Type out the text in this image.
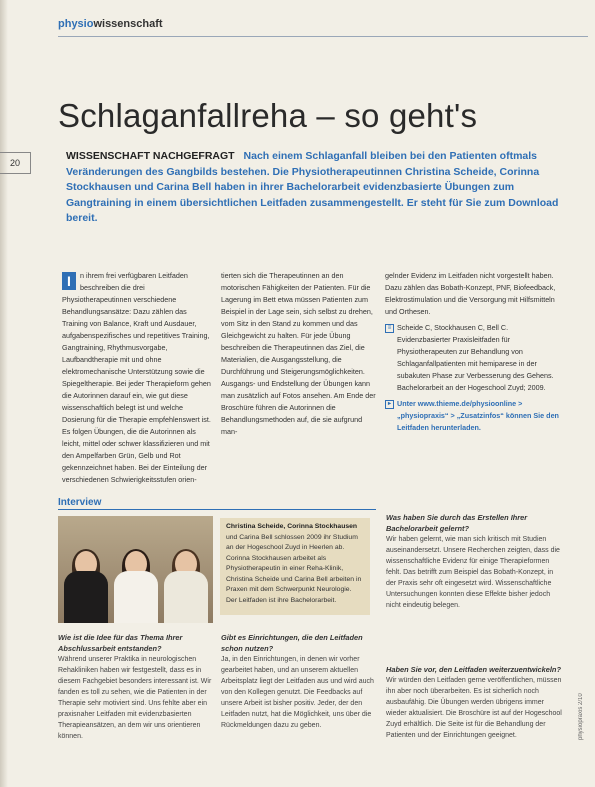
physiowissenschaft
20
Schlaganfallreha – so geht's
WISSENSCHAFT NACHGEFRAGT Nach einem Schlaganfall bleiben bei den Patienten oftmals Veränderungen des Gangbilds bestehen. Die Physiotherapeutinnen Christina Scheide, Corinna Stockhausen und Carina Bell haben in ihrer Bachelorarbeit evidenzbasierte Übungen zum Gangtraining in einem übersichtlichen Leitfaden zusammengestellt. Er steht für Sie zum Download bereit.
I	n ihrem frei verfügbaren Leitfaden beschreiben die drei Physiotherapeutinnen verschiedene Behandlungsansätze: Dazu zählen das Training von Balance, Kraft und Ausdauer, aufgabenspezifisches und repetitives Training, Gangtraining, Rhythmusvorgabe, Laufbandtherapie mit und ohne elektromechanische Unterstützung sowie die Spiegeltherapie. Bei jeder Therapieform gehen die Autorinnen darauf ein, wie gut diese wissenschaftlich belegt ist und welche Dosierung für die Therapie empfehlenswert ist. Es folgen Übungen, die die Autorinnen als leicht, mittel oder schwer klassifizieren und mit den Ampelfarben Grün, Gelb und Rot gekennzeichnet haben. Bei der Einteilung der verschiedenen Schwierigkeitsstufen orien-
tierten sich die Therapeutinnen an den motorischen Fähigkeiten der Patienten. Für die Lagerung im Bett etwa müssen Patienten zum Beispiel in der Lage sein, sich selbst zu drehen, vom Sitz in den Stand zu kommen und das Gleichgewicht zu halten. Für jede Übung beschreiben die Therapeutinnen das Ziel, die Materialien, die Ausgangsstellung, die Durchführung und Steigerungsmöglichkeiten. Ausgangs- und Endstellung der Übungen kann man zusätzlich auf Fotos ansehen. Am Ende der Broschüre führen die Autorinnen die Behandlungsmethoden auf, die sie aufgrund man-
gelnder Evidenz im Leitfaden nicht vorgestellt haben. Dazu zählen das Bobath-Konzept, PNF, Biofeedback, Elektrostimulation und die Versorgung mit Hilfsmitteln und Orthesen.
≡ Scheide C, Stockhausen C, Bell C. Evidenzbasierter Praxisleitfaden für Physiotherapeuten zur Behandlung von Schlaganfallpatienten mit hemiparese in der subakuten Phase zur Verbesserung des Gehens. Bachelorarbeit an der Hogeschool Zuyd; 2009.
▸ Unter www.thieme.de/physioonline > „physiopraxis“ > „Zusatzinfos“ können Sie den Leitfaden herunterladen.
Interview
Christina Scheide, Corinna Stockhausen und Carina Bell schlossen 2009 ihr Studium an der Hogeschool Zuyd in Heerlen ab. Corinna Stockhausen arbeitet als Physiotherapeutin in einer Reha-Klinik, Christina Scheide und Carina Bell arbeiten in Praxen mit dem Schwerpunkt Neurologie. Der Leitfaden ist ihre Bachelorarbeit.
Wie ist die Idee für das Thema Ihrer Abschlussarbeit entstanden?
Während unserer Praktika in neurologischen Rehakliniken haben wir festgestellt, dass es in diesem Fachgebiet besonders interessant ist. Wir fanden es toll zu sehen, wie die Patienten in der Therapie sehr motiviert sind. Uns fehlte aber ein praxisnaher Leitfaden mit evidenzbasierten Therapieansätzen, an dem wir uns orientieren können.
Gibt es Einrichtungen, die den Leitfaden schon nutzen?
Ja, in den Einrichtungen, in denen wir vorher gearbeitet haben, und an unserem aktuellen Arbeitsplatz liegt der Leitfaden aus und wird auch von den Kollegen genutzt. Die Feedbacks auf unsere Arbeit ist bisher positiv. Jeder, der den Leitfaden nutzt, hat die Möglichkeit, uns über die Rückmeldungen dazu zu geben.
Was haben Sie durch das Erstellen Ihrer Bachelorarbeit gelernt?
Wir haben gelernt, wie man sich kritisch mit Studien auseinandersetzt. Unsere Recherchen zeigten, dass die wissenschaftliche Evidenz für einige Therapieformen fehlt. Das betrifft zum Beispiel das Bobath-Konzept, in der Praxis sehr oft eingesetzt wird. Wissenschaftliche Untersuchungen konnten diese Effekte bisher jedoch nicht eindeutig belegen.
Haben Sie vor, den Leitfaden weiterzuentwickeln?
Wir würden den Leitfaden gerne veröffentlichen, müssen ihn aber noch überarbeiten. Es ist sicherlich noch ausbaufähig. Die Übungen werden übrigens immer wieder aktualisiert. Die Broschüre ist auf der Hogeschool Zuyd erhältlich. Die Seite ist für die Behandlung der Patienten und der Einrichtungen geeignet.	physiopraxis 2/10
